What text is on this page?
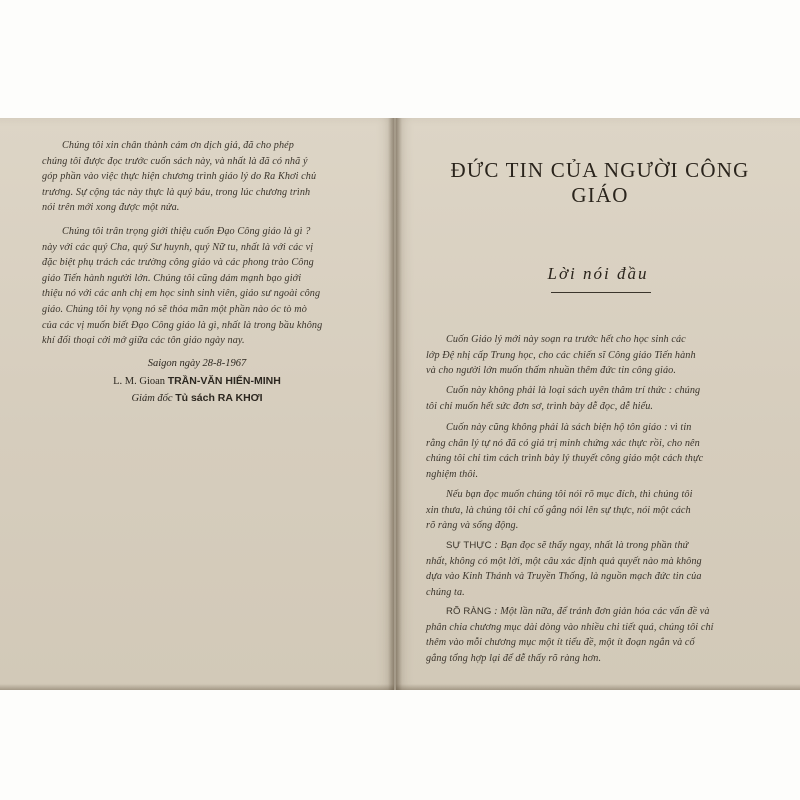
Chúng tôi xin chân thành cám ơn dịch giả, đã cho phép
chúng tôi được đọc trước cuốn sách này, và nhất là đã có nhã ý
góp phần vào việc thực hiện chương trình giáo lý do Ra Khơi chủ
trương. Sự cộng tác này thực là quý báu, trong lúc chương trình
nói trên mới xong được một nửa.

Chúng tôi trân trọng giới thiệu cuốn Đạo Công giáo là gì ?
này với các quý Cha, quý Sư huynh, quý Nữ tu, nhất là với các vị
đặc biệt phụ trách các trường công giáo và các phong trào Công
giáo Tiến hành người lớn. Chúng tôi cũng dám mạnh bạo giới
thiệu nó với các anh chị em học sinh sinh viên, giáo sư ngoài công
giáo. Chúng tôi hy vọng nó sẽ thỏa mãn một phần nào óc tò mò
của các vị muốn biết Đạo Công giáo là gì, nhất là trong bầu không
khí đối thoại cởi mở giữa các tôn giáo ngày nay.

Saigon ngày 28-8-1967
L. M. Gioan TRẦN-VĂN HIỂN-MINH
Giám đốc Tủ sách RA KHƠI
ĐỨC TIN CỦA NGƯỜI CÔNG GIÁO
Lời nói đầu

Cuốn Giáo lý mới này soạn ra trước hết cho học sinh các
lớp Đệ nhị cấp Trung học, cho các chiến sĩ Công giáo Tiến hành
và cho người lớn muốn thấm nhuần thêm đức tin công giáo.

Cuốn này không phải là loại sách uyên thâm trí thức : chúng
tôi chỉ muốn hết sức đơn sơ, trình bày dễ đọc, dễ hiểu.

Cuốn này cũng không phải là sách biện hộ tôn giáo : vì tin
rằng chân lý tự nó đã có giá trị minh chứng xác thực rồi, cho nên
chúng tôi chỉ tìm cách trình bày lý thuyết công giáo một cách thực
nghiệm thôi.

Nếu bạn đọc muốn chúng tôi nói rõ mục đích, thì chúng tôi
xin thưa, là chúng tôi chỉ cố gắng nói lên sự thực, nói một cách
rõ ràng và sống động.

SỰ THỰC : Bạn đọc sẽ thấy ngay, nhất là trong phần thứ
nhất, không có một lời, một câu xác định quả quyết nào mà không
dựa vào Kinh Thánh và Truyền Thống, là nguồn mạch đức tin của
chúng ta.

RÕ RÀNG : Một lần nữa, để tránh đơn giản hóa các vấn đề và
phân chia chương mục dài dòng vào nhiều chi tiết quá, chúng tôi chỉ
thêm vào mỗi chương mục một ít tiểu đề, một ít đoạn ngắn và cố
gắng tổng hợp lại để dễ thấy rõ ràng hơn.
